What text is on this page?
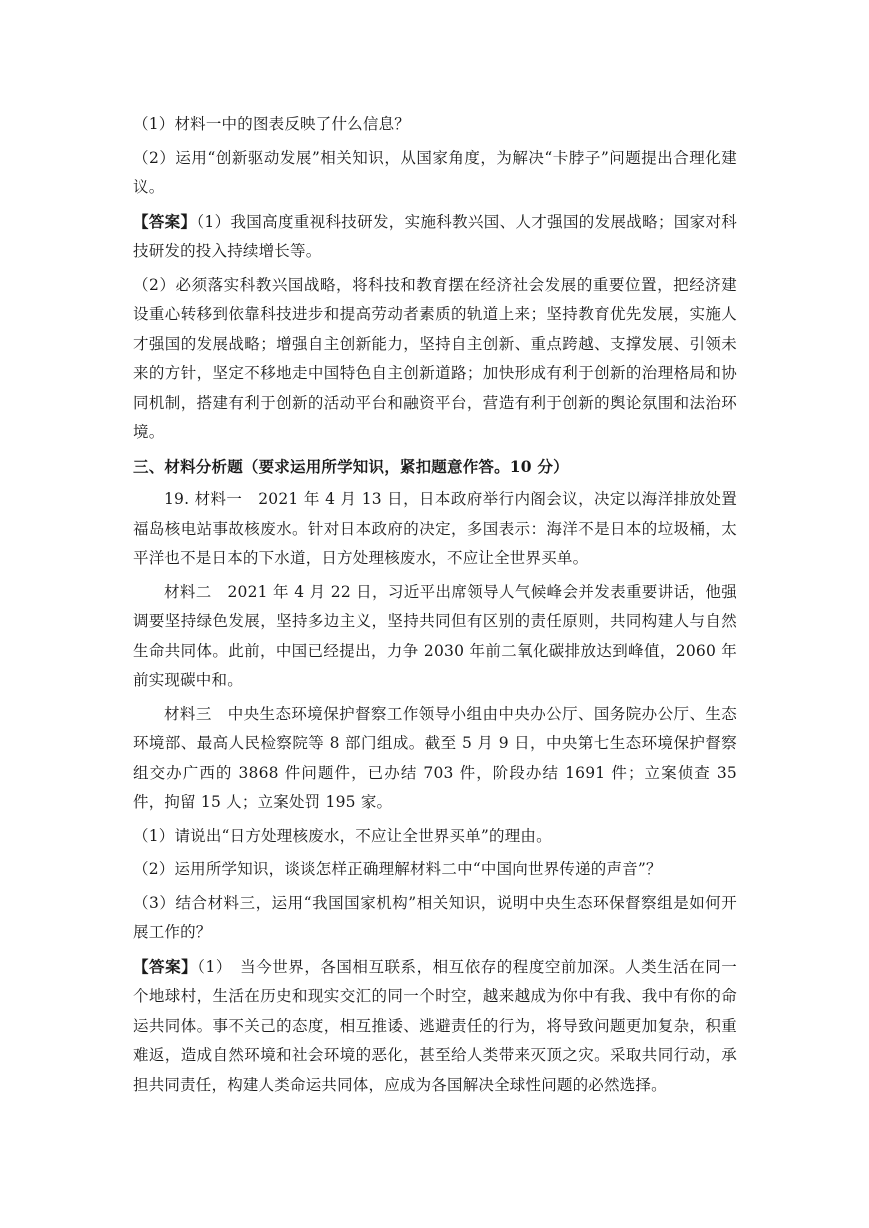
（1）材料一中的图表反映了什么信息？

（2）运用“创新驱动发展”相关知识，从国家角度，为解决“卡脖子”问题提出合理化建议。

【答案】（1）我国高度重视科技研发，实施科教兴国、人才强国的发展战略；国家对科技研发的投入持续增长等。

（2）必须落实科教兴国战略，将科技和教育摆在经济社会发展的重要位置，把经济建设重心转移到依靠科技进步和提高劳动者素质的轨道上来；坚持教育优先发展，实施人才强国的发展战略；增强自主创新能力，坚持自主创新、重点跨越、支撑发展、引领未来的方针，坚定不移地走中国特色自主创新道路；加快形成有利于创新的治理格局和协同机制，搭建有利于创新的活动平台和融资平台，营造有利于创新的舆论氛围和法治环境。

三、材料分析题（要求运用所学知识，紧扣题意作答。10 分）

19. 材料一　2021 年 4 月 13 日，日本政府举行内阁会议，决定以海洋排放处置福岛核电站事故核废水。针对日本政府的决定，多国表示：海洋不是日本的垃圾桶，太平洋也不是日本的下水道，日方处理核废水，不应让全世界买单。

材料二　2021 年 4 月 22 日，习近平出席领导人气候峰会并发表重要讲话，他强调要坚持绿色发展，坚持多边主义，坚持共同但有区别的责任原则，共同构建人与自然生命共同体。此前，中国已经提出，力争 2030 年前二氧化碳排放达到峰值，2060 年前实现碳中和。

材料三　中央生态环境保护督察工作领导小组由中央办公厅、国务院办公厅、生态环境部、最高人民检察院等 8 部门组成。截至 5 月 9 日，中央第七生态环境保护督察组交办广西的 3868 件问题件，已办结 703 件，阶段办结 1691 件；立案侦查 35 件，拘留 15 人；立案处罚 195 家。

（1）请说出“日方处理核废水，不应让全世界买单”的理由。

（2）运用所学知识，谈谈怎样正确理解材料二中“中国向世界传递的声音”？

（3）结合材料三，运用“我国国家机构”相关知识，说明中央生态环保督察组是如何开展工作的？

【答案】（1）　当今世界，各国相互联系，相互依存的程度空前加深。人类生活在同一个地球村，生活在历史和现实交汇的同一个时空，越来越成为你中有我、我中有你的命运共同体。事不关己的态度，相互推诿、逃避责任的行为，将导致问题更加复杂，积重难返，造成自然环境和社会环境的恶化，甚至给人类带来灭顶之灾。采取共同行动，承担共同责任，构建人类命运共同体，应成为各国解决全球性问题的必然选择。
